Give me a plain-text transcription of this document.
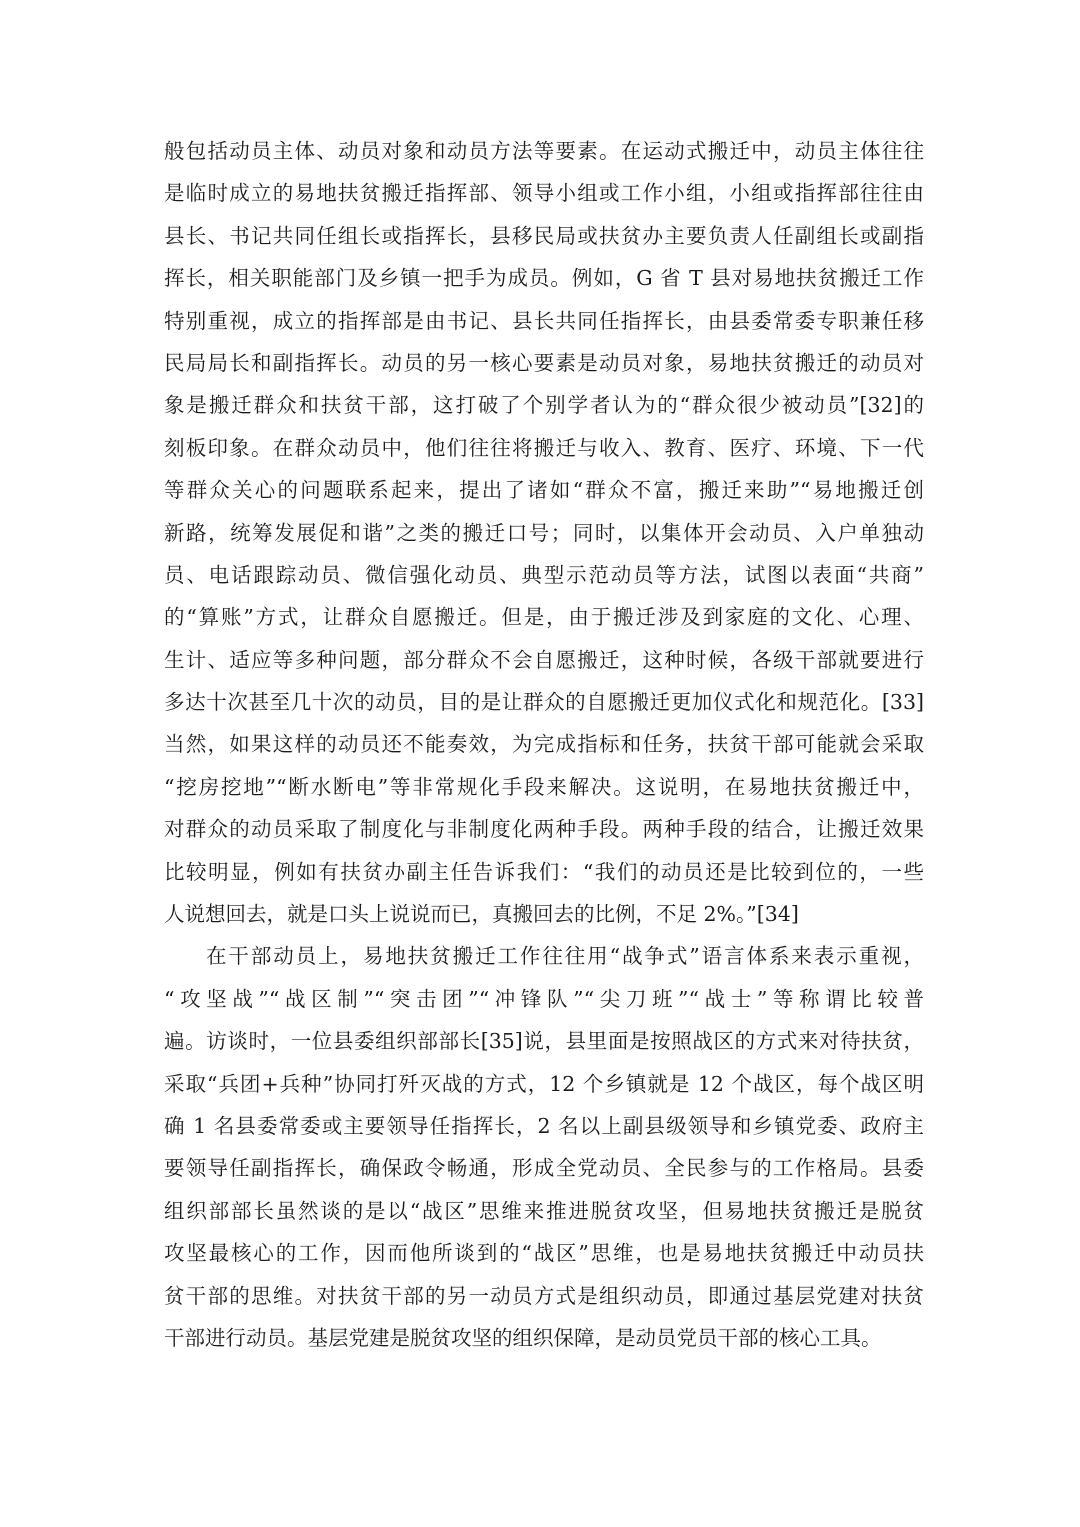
般包括动员主体、动员对象和动员方法等要素。在运动式搬迁中，动员主体往往
是临时成立的易地扶贫搬迁指挥部、领导小组或工作小组，小组或指挥部往往由
县长、书记共同任组长或指挥长，县移民局或扶贫办主要负责人任副组长或副指
挥长，相关职能部门及乡镇一把手为成员。例如，G 省 T 县对易地扶贫搬迁工作
特别重视，成立的指挥部是由书记、县长共同任指挥长，由县委常委专职兼任移
民局局长和副指挥长。动员的另一核心要素是动员对象，易地扶贫搬迁的动员对
象是搬迁群众和扶贫干部，这打破了个别学者认为的“群众很少被动员”[32]的
刻板印象。在群众动员中，他们往往将搬迁与收入、教育、医疗、环境、下一代
等群众关心的问题联系起来，提出了诸如“群众不富，搬迁来助”“易地搬迁创
新路，统筹发展促和谐”之类的搬迁口号；同时，以集体开会动员、入户单独动
员、电话跟踪动员、微信强化动员、典型示范动员等方法，试图以表面“共商”
的“算账”方式，让群众自愿搬迁。但是，由于搬迁涉及到家庭的文化、心理、
生计、适应等多种问题，部分群众不会自愿搬迁，这种时候，各级干部就要进行
多达十次甚至几十次的动员，目的是让群众的自愿搬迁更加仪式化和规范化。[33]
当然，如果这样的动员还不能奏效，为完成指标和任务，扶贫干部可能就会采取
“挖房挖地”“断水断电”等非常规化手段来解决。这说明，在易地扶贫搬迁中，
对群众的动员采取了制度化与非制度化两种手段。两种手段的结合，让搬迁效果
比较明显，例如有扶贫办副主任告诉我们：“我们的动员还是比较到位的，一些
人说想回去，就是口头上说说而已，真搬回去的比例，不足 2%。”[34]
在干部动员上，易地扶贫搬迁工作往往用“战争式”语言体系来表示重视，
“攻坚战”“战区制”“突击团”“冲锋队”“尖刀班”“战士”等称谓比较普
遍。访谈时，一位县委组织部部长[35]说，县里面是按照战区的方式来对待扶贫，
采取“兵团+兵种”协同打歼灭战的方式，12 个乡镇就是 12 个战区，每个战区明
确 1 名县委常委或主要领导任指挥长，2 名以上副县级领导和乡镇党委、政府主
要领导任副指挥长，确保政令畅通，形成全党动员、全民参与的工作格局。县委
组织部部长虽然谈的是以“战区”思维来推进脱贫攻坚，但易地扶贫搬迁是脱贫
攻坚最核心的工作，因而他所谈到的“战区”思维，也是易地扶贫搬迁中动员扶
贫干部的思维。对扶贫干部的另一动员方式是组织动员，即通过基层党建对扶贫
干部进行动员。基层党建是脱贫攻坚的组织保障，是动员党员干部的核心工具。
